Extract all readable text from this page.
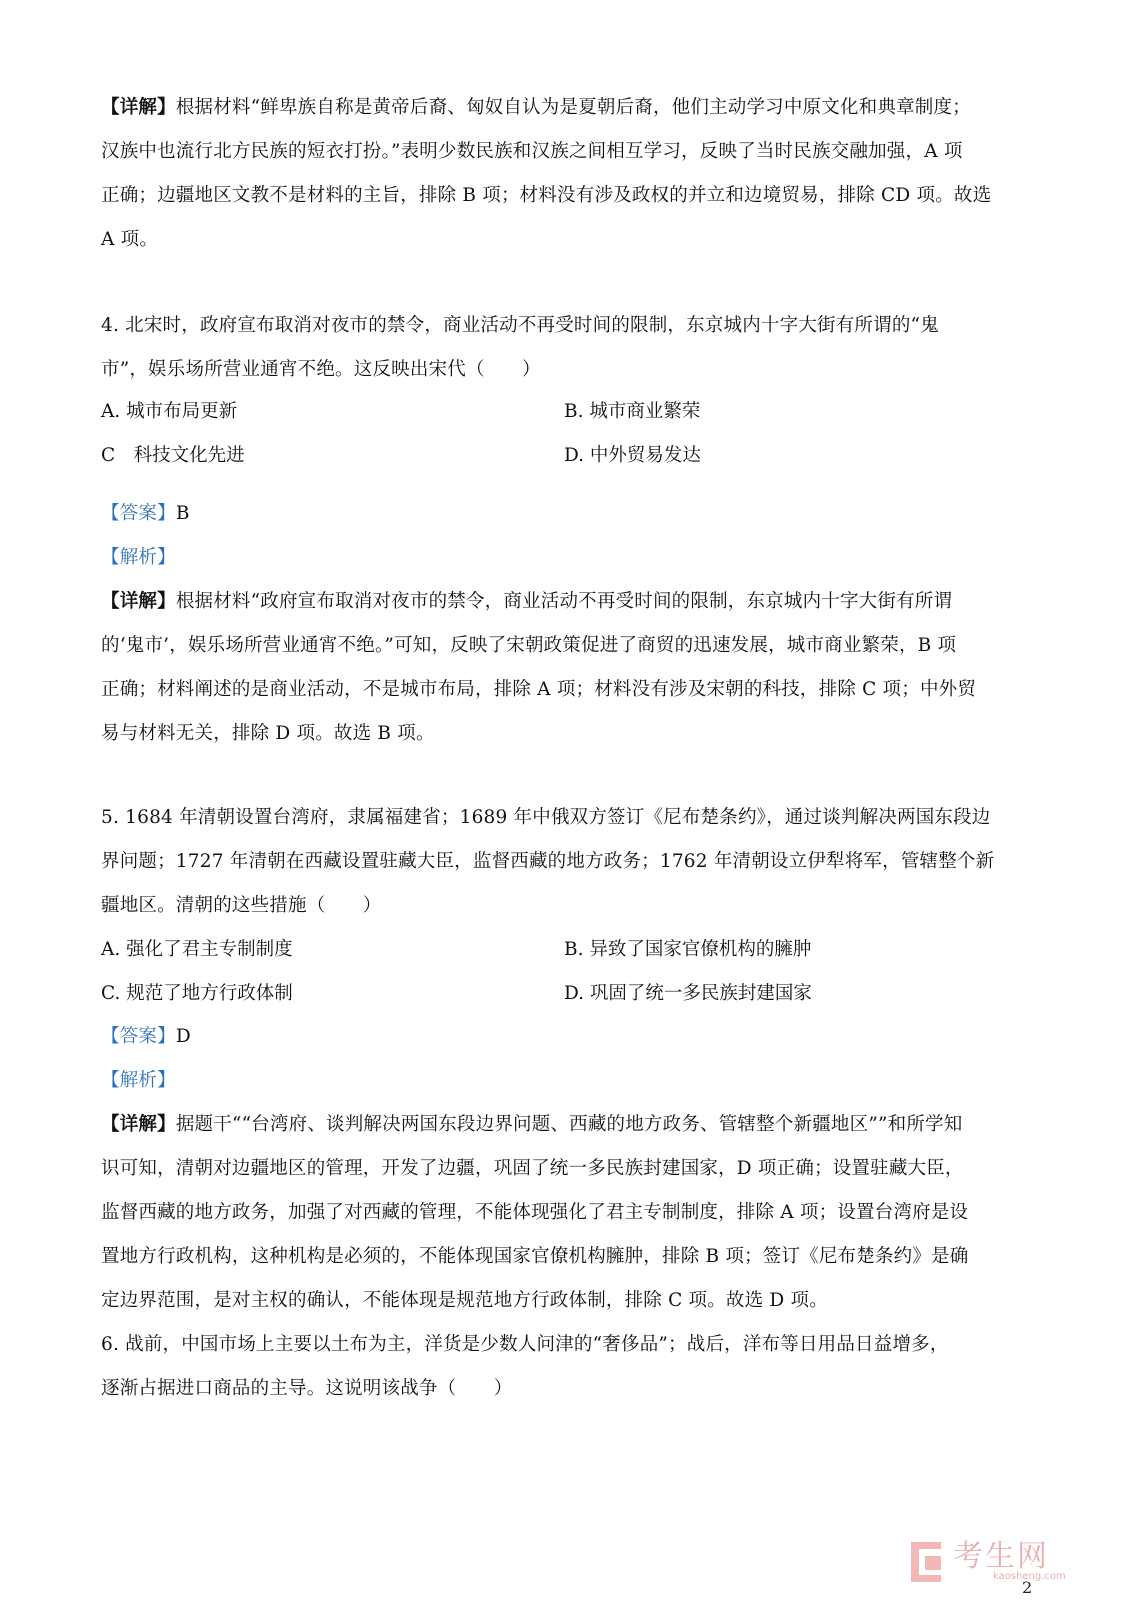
【详解】根据材料“鲜卑族自称是黄帝后裔、匈奴自认为是夏朝后裔，他们主动学习中原文化和典章制度；
汉族中也流行北方民族的短衣打扮。”表明少数民族和汉族之间相互学习，反映了当时民族交融加强，A 项
正确；边疆地区文教不是材料的主旨，排除 B 项；材料没有涉及政权的并立和边境贸易，排除 CD 项。故选
A 项。
4. 北宋时，政府宣布取消对夜市的禁令，商业活动不再受时间的限制，东京城内十字大街有所谓的“鬼
市”，娱乐场所营业通宵不绝。这反映出宋代（　　）
A. 城市布局更新	B. 城市商业繁荣
C　科技文化先进	D. 中外贸易发达
【答案】B
【解析】
【详解】根据材料“政府宣布取消对夜市的禁令，商业活动不再受时间的限制，东京城内十字大街有所谓
的‘鬼市’，娱乐场所营业通宵不绝。”可知，反映了宋朝政策促进了商贸的迅速发展，城市商业繁荣，B 项
正确；材料阐述的是商业活动，不是城市布局，排除 A 项；材料没有涉及宋朝的科技，排除 C 项；中外贸
易与材料无关，排除 D 项。故选 B 项。
5. 1684 年清朝设置台湾府，隶属福建省；1689 年中俄双方签订《尼布楚条约》，通过谈判解决两国东段边
界问题；1727 年清朝在西藏设置驻藏大臣，监督西藏的地方政务；1762 年清朝设立伊犁将军，管辖整个新
疆地区。清朝的这些措施（　　）
A. 强化了君主专制制度	B. 异致了国家官僚机构的臃肿
C. 规范了地方行政体制	D. 巩固了统一多民族封建国家
【答案】D
【解析】
【详解】据题干““台湾府、谈判解决两国东段边界问题、西藏的地方政务、管辖整个新疆地区””和所学知
识可知，清朝对边疆地区的管理，开发了边疆，巩固了统一多民族封建国家，D 项正确；设置驻藏大臣，
监督西藏的地方政务，加强了对西藏的管理，不能体现强化了君主专制制度，排除 A 项；设置台湾府是设
置地方行政机构，这种机构是必须的，不能体现国家官僚机构臃肿，排除 B 项；签订《尼布楚条约》是确
定边界范围，是对主权的确认，不能体现是规范地方行政体制，排除 C 项。故选 D 项。
6. 战前，中国市场上主要以土布为主，洋货是少数人问津的“奢侈品”；战后，洋布等日用品日益增多，
逐渐占据进口商品的主导。这说明该战争（　　）
考生网
kaosheng.com
2
